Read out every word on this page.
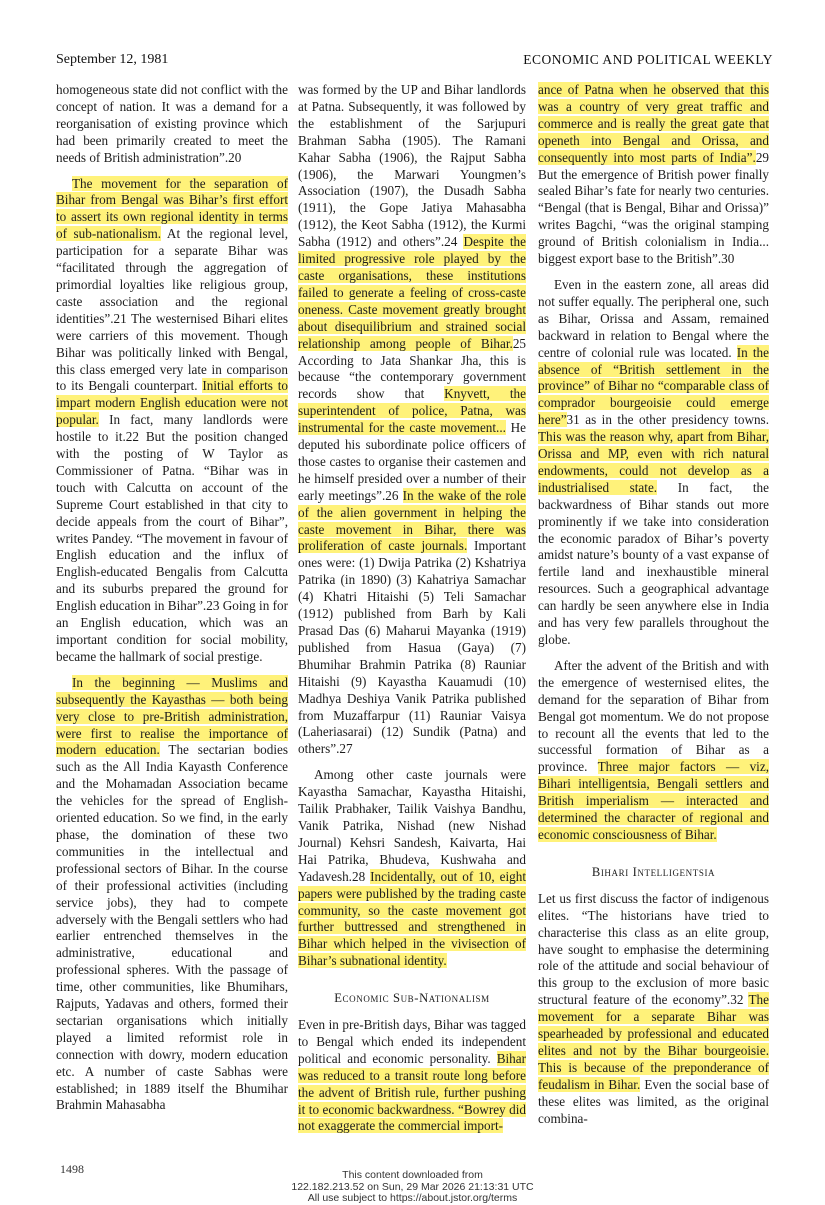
September 12, 1981	ECONOMIC AND POLITICAL WEEKLY

homogeneous state did not conflict with the concept of nation. It was a demand for a reorganisation of existing province which had been primarily created to meet the needs of British administration”.20

The movement for the separation of Bihar from Bengal was Bihar’s first effort to assert its own regional identity in terms of sub-nationalism. At the regional level, participation for a separate Bihar was “facilitated through the aggregation of primordial loyalties like religious group, caste association and the regional identities”.21 The westernised Bihari elites were carriers of this movement. Though Bihar was politically linked with Bengal, this class emerged very late in comparison to its Bengali counterpart. Initial efforts to impart modern English education were not popular. In fact, many landlords were hostile to it.22 But the position changed with the posting of W Taylor as Commissioner of Patna. “Bihar was in touch with Calcutta on account of the Supreme Court established in that city to decide appeals from the court of Bihar”, writes Pandey. “The movement in favour of English education and the influx of English-educated Bengalis from Calcutta and its suburbs prepared the ground for English education in Bihar”.23 Going in for an English education, which was an important condition for social mobility, became the hallmark of social prestige.

In the beginning — Muslims and subsequently the Kayasthas — both being very close to pre-British administration, were first to realise the importance of modern education. The sectarian bodies such as the All India Kayasth Conference and the Mohamadan Association became the vehicles for the spread of English-oriented education. So we find, in the early phase, the domination of these two communities in the intellectual and professional sectors of Bihar. In the course of their professional activities (including service jobs), they had to compete adversely with the Bengali settlers who had earlier entrenched themselves in the administrative, educational and professional spheres. With the passage of time, other communities, like Bhumihars, Rajputs, Yadavas and others, formed their sectarian organisations which initially played a limited reformist role in connection with dowry, modern education etc. A number of caste Sabhas were established; in 1889 itself the Bhumihar Brahmin Mahasabha

was formed by the UP and Bihar landlords at Patna. Subsequently, it was followed by the establishment of the Sarjupuri Brahman Sabha (1905). The Ramani Kahar Sabha (1906), the Rajput Sabha (1906), the Marwari Youngmen’s Association (1907), the Dusadh Sabha (1911), the Gope Jatiya Mahasabha (1912), the Keot Sabha (1912), the Kurmi Sabha (1912) and others”.24 Despite the limited progressive role played by the caste organisations, these institutions failed to generate a feeling of cross-caste oneness. Caste movement greatly brought about disequilibrium and strained social relationship among people of Bihar.25 According to Jata Shankar Jha, this is because “the contemporary government records show that Knyvett, the superintendent of police, Patna, was instrumental for the caste movement... He deputed his subordinate police officers of those castes to organise their castemen and he himself presided over a number of their early meetings”.26 In the wake of the role of the alien government in helping the caste movement in Bihar, there was proliferation of caste journals. Important ones were: (1) Dwija Patrika (2) Kshatriya Patrika (in 1890) (3) Kahatriya Samachar (4) Khatri Hitaishi (5) Teli Samachar (1912) published from Barh by Kali Prasad Das (6) Maharui Mayanka (1919) published from Hasua (Gaya) (7) Bhumihar Brahmin Patrika (8) Rauniar Hitaishi (9) Kayastha Kauamudi (10) Madhya Deshiya Vanik Patrika published from Muzaffarpur (11) Rauniar Vaisya (Laheriasarai) (12) Sundik (Patna) and others”.27

Among other caste journals were Kayastha Samachar, Kayastha Hitaishi, Tailik Prabhaker, Tailik Vaishya Bandhu, Vanik Patrika, Nishad (new Nishad Journal) Kehsri Sandesh, Kaivarta, Hai Hai Patrika, Bhudeva, Kushwaha and Yadavesh.28 Incidentally, out of 10, eight papers were published by the trading caste community, so the caste movement got further buttressed and strengthened in Bihar which helped in the vivisection of Bihar’s subnational identity.

Economic Sub-Nationalism

Even in pre-British days, Bihar was tagged to Bengal which ended its independent political and economic personality. Bihar was reduced to a transit route long before the advent of British rule, further pushing it to economic backwardness. “Bowrey did not exaggerate the commercial import-

ance of Patna when he observed that this was a country of very great traffic and commerce and is really the great gate that openeth into Bengal and Orissa, and consequently into most parts of India”.29 But the emergence of British power finally sealed Bihar’s fate for nearly two centuries. “Bengal (that is Bengal, Bihar and Orissa)” writes Bagchi, “was the original stamping ground of British colonialism in India... biggest export base to the British”.30

Even in the eastern zone, all areas did not suffer equally. The peripheral one, such as Bihar, Orissa and Assam, remained backward in relation to Bengal where the centre of colonial rule was located. In the absence of “British settlement in the province” of Bihar no “comparable class of comprador bourgeoisie could emerge here”31 as in the other presidency towns. This was the reason why, apart from Bihar, Orissa and MP, even with rich natural endowments, could not develop as a industrialised state. In fact, the backwardness of Bihar stands out more prominently if we take into consideration the economic paradox of Bihar’s poverty amidst nature’s bounty of a vast expanse of fertile land and inexhaustible mineral resources. Such a geographical advantage can hardly be seen anywhere else in India and has very few parallels throughout the globe.

After the advent of the British and with the emergence of westernised elites, the demand for the separation of Bihar from Bengal got momentum. We do not propose to recount all the events that led to the successful formation of Bihar as a province. Three major factors — viz, Bihari intelligentsia, Bengali settlers and British imperialism — interacted and determined the character of regional and economic consciousness of Bihar.

Bihari Intelligentsia

Let us first discuss the factor of indigenous elites. “The historians have tried to characterise this class as an elite group, have sought to emphasise the determining role of the attitude and social behaviour of this group to the exclusion of more basic structural feature of the economy”.32 The movement for a separate Bihar was spearheaded by professional and educated elites and not by the Bihar bourgeoisie. This is because of the preponderance of feudalism in Bihar. Even the social base of these elites was limited, as the original combina-

1498	This content downloaded from
122.182.213.52 on Sun, 29 Mar 2026 21:13:31 UTC
All use subject to https://about.jstor.org/terms
